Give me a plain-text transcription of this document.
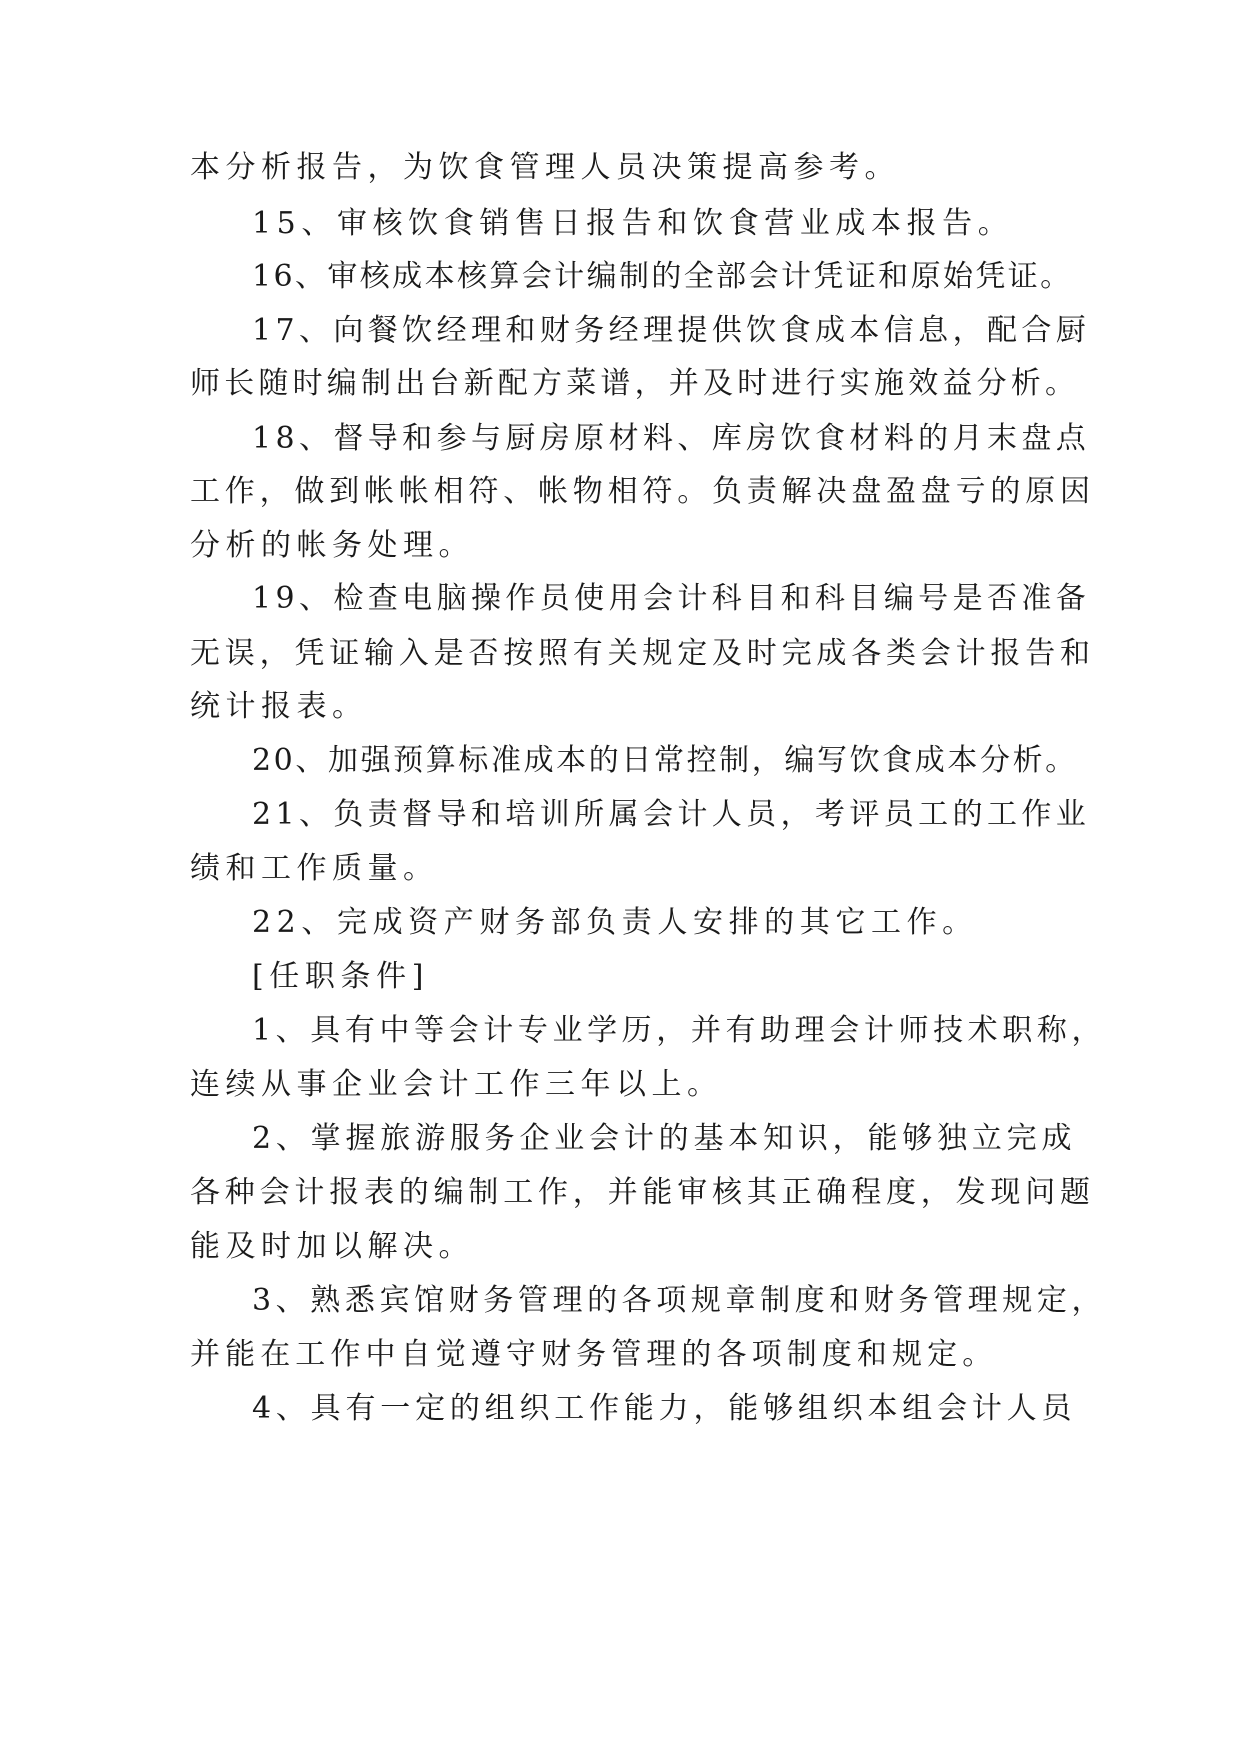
本分析报告，为饮食管理人员决策提高参考。
15、审核饮食销售日报告和饮食营业成本报告。
16、审核成本核算会计编制的全部会计凭证和原始凭证。
17、向餐饮经理和财务经理提供饮食成本信息，配合厨
师长随时编制出台新配方菜谱，并及时进行实施效益分析。
18、督导和参与厨房原材料、库房饮食材料的月末盘点
工作，做到帐帐相符、帐物相符。负责解决盘盈盘亏的原因
分析的帐务处理。
19、检查电脑操作员使用会计科目和科目编号是否准备
无误，凭证输入是否按照有关规定及时完成各类会计报告和
统计报表。
20、加强预算标准成本的日常控制，编写饮食成本分析。
21、负责督导和培训所属会计人员，考评员工的工作业
绩和工作质量。
22、完成资产财务部负责人安排的其它工作。
[任职条件]
1、具有中等会计专业学历，并有助理会计师技术职称，
连续从事企业会计工作三年以上。
2、掌握旅游服务企业会计的基本知识，能够独立完成
各种会计报表的编制工作，并能审核其正确程度，发现问题
能及时加以解决。
3、熟悉宾馆财务管理的各项规章制度和财务管理规定，
并能在工作中自觉遵守财务管理的各项制度和规定。
4、具有一定的组织工作能力，能够组织本组会计人员
